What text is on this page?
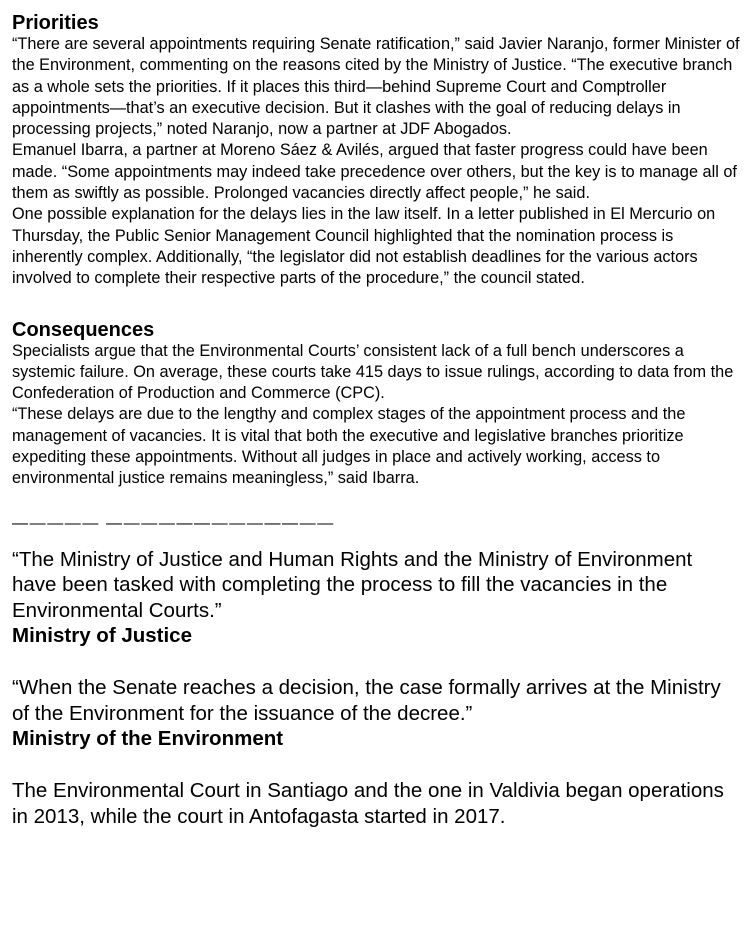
Priorities

“There are several appointments requiring Senate ratification,” said Javier Naranjo, former Minister of the Environment, commenting on the reasons cited by the Ministry of Justice. “The executive branch as a whole sets the priorities. If it places this third—behind Supreme Court and Comptroller appointments—that’s an executive decision. But it clashes with the goal of reducing delays in processing projects,” noted Naranjo, now a partner at JDF Abogados.

Emanuel Ibarra, a partner at Moreno Sáez & Avilés, argued that faster progress could have been made. “Some appointments may indeed take precedence over others, but the key is to manage all of them as swiftly as possible. Prolonged vacancies directly affect people,” he said.

One possible explanation for the delays lies in the law itself. In a letter published in El Mercurio on Thursday, the Public Senior Management Council highlighted that the nomination process is inherently complex. Additionally, “the legislator did not establish deadlines for the various actors involved to complete their respective parts of the procedure,” the council stated.

Consequences

Specialists argue that the Environmental Courts’ consistent lack of a full bench underscores a systemic failure. On average, these courts take 415 days to issue rulings, according to data from the Confederation of Production and Commerce (CPC).

“These delays are due to the lengthy and complex stages of the appointment process and the management of vacancies. It is vital that both the executive and legislative branches prioritize expediting these appointments. Without all judges in place and actively working, access to environmental justice remains meaningless,” said Ibarra.

————— —————————————

“The Ministry of Justice and Human Rights and the Ministry of Environment have been tasked with completing the process to fill the vacancies in the Environmental Courts.”

Ministry of Justice

“When the Senate reaches a decision, the case formally arrives at the Ministry of the Environment for the issuance of the decree.”

Ministry of the Environment

The Environmental Court in Santiago and the one in Valdivia began operations in 2013, while the court in Antofagasta started in 2017.
